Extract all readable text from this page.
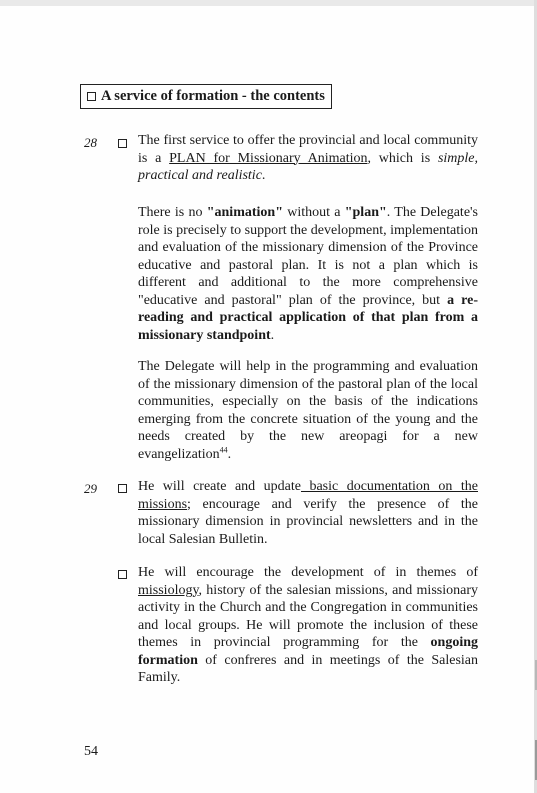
A service of formation - the contents
28	The first service to offer the provincial and local community is a PLAN for Missionary Animation, which is simple, practical and realistic.
There is no "animation" without a "plan". The Delegate's role is precisely to support the development, implementation and evaluation of the missionary dimension of the Province educative and pastoral plan. It is not a plan which is different and additional to the more comprehensive "educative and pastoral" plan of the province, but a re-reading and practical application of that plan from a missionary standpoint.
The Delegate will help in the programming and evaluation of the missionary dimension of the pastoral plan of the local communities, especially on the basis of the indications emerging from the concrete situation of the young and the needs created by the new areopagi for a new evangelization$^{44}$.
29	He will create and update basic documentation on the missions; encourage and verify the presence of the missionary dimension in provincial newsletters and in the local Salesian Bulletin.
He will encourage the development of in themes of missiology, history of the salesian missions, and missionary activity in the Church and the Congregation in communities and local groups. He will promote the inclusion of these themes in provincial programming for the ongoing formation of confreres and in meetings of the Salesian Family.
54
